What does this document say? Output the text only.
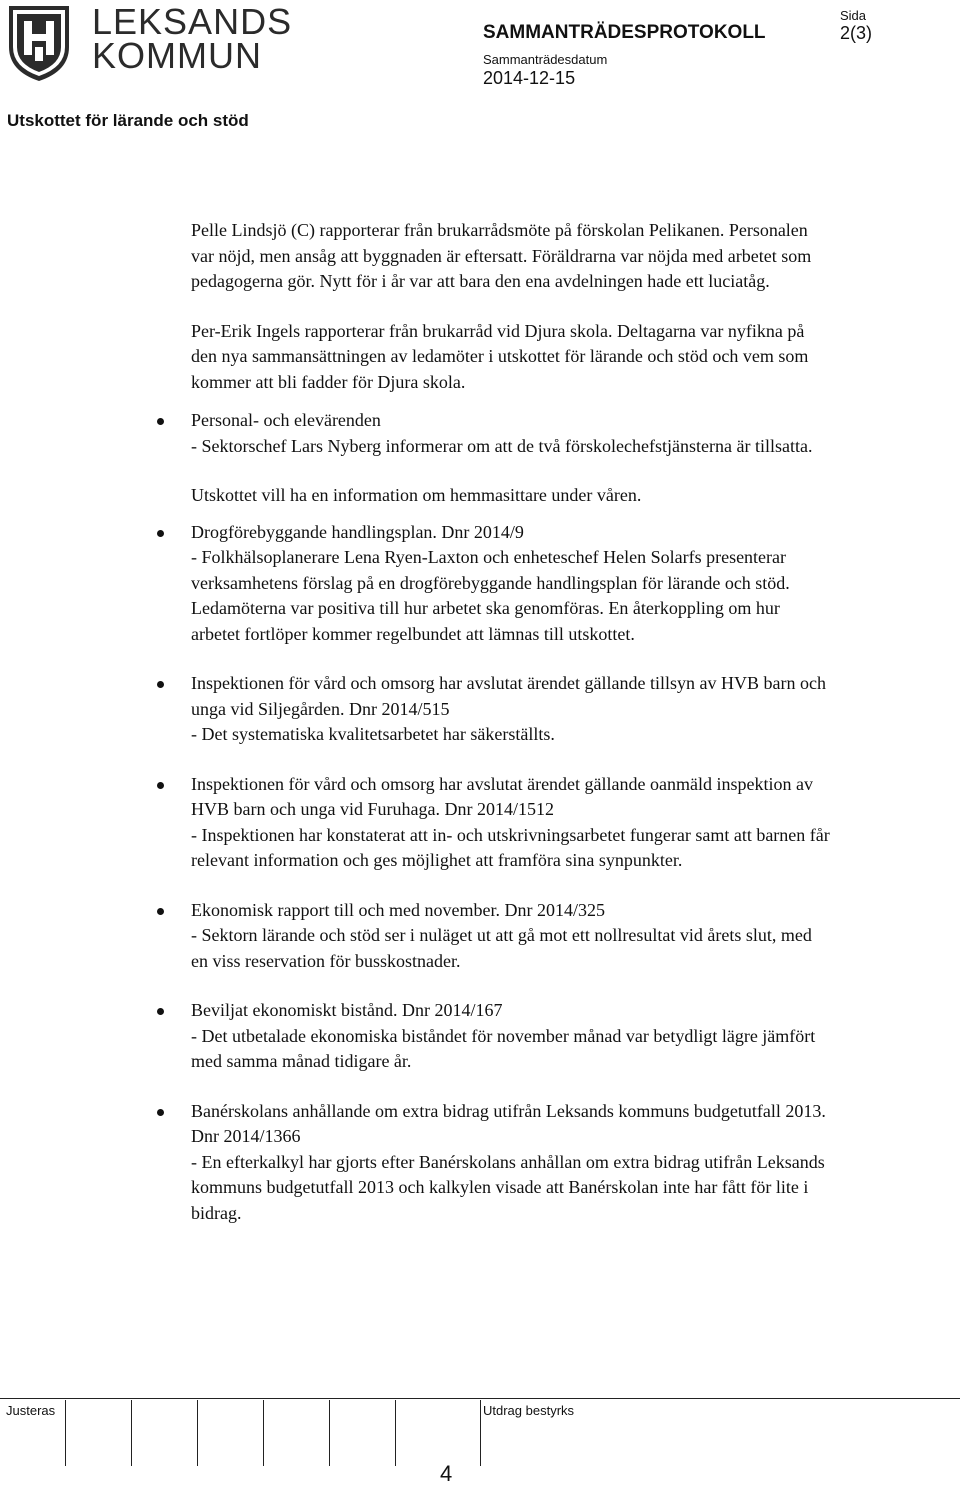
LEKSANDS
KOMMUN
SAMMANTRÄDESPROTOKOLL
Sammanträdesdatum
2014-12-15
Sida
2(3)
Utskottet för lärande och stöd

Pelle Lindsjö (C) rapporterar från brukarrådsmöte på förskolan Pelikanen. Personalen var nöjd, men ansåg att byggnaden är eftersatt. Föräldrarna var nöjda med arbetet som pedagogerna gör. Nytt för i år var att bara den ena avdelningen hade ett luciatåg.

Per-Erik Ingels rapporterar från brukarråd vid Djura skola. Deltagarna var nyfikna på den nya sammansättningen av ledamöter i utskottet för lärande och stöd och vem som kommer att bli fadder för Djura skola.

Personal- och elevärenden

- Sektorschef Lars Nyberg informerar om att de två förskolechefstjänsterna är tillsatta.

Utskottet vill ha en information om hemmasittare under våren.

Drogförebyggande handlingsplan. Dnr 2014/9

- Folkhälsoplanerare Lena Ryen-Laxton och enheteschef Helen Solarfs presenterar verksamhetens förslag på en drogförebyggande handlingsplan för lärande och stöd. Ledamöterna var positiva till hur arbetet ska genomföras. En återkoppling om hur arbetet fortlöper kommer regelbundet att lämnas till utskottet.

Inspektionen för vård och omsorg har avslutat ärendet gällande tillsyn av HVB barn och unga vid Siljegården. Dnr 2014/515

- Det systematiska kvalitetsarbetet har säkerställts.

Inspektionen för vård och omsorg har avslutat ärendet gällande oanmäld inspektion av HVB barn och unga vid Furuhaga. Dnr 2014/1512

- Inspektionen har konstaterat att in- och utskrivningsarbetet fungerar samt att barnen får relevant information och ges möjlighet att framföra sina synpunkter.

Ekonomisk rapport till och med november. Dnr 2014/325

- Sektorn lärande och stöd ser i nuläget ut att gå mot ett nollresultat vid årets slut, med en viss reservation för busskostnader.

Beviljat ekonomiskt bistånd. Dnr 2014/167

- Det utbetalade ekonomiska biståndet för november månad var betydligt lägre jämfört med samma månad tidigare år.

Banérskolans anhållande om extra bidrag utifrån Leksands kommuns budgetutfall 2013. Dnr 2014/1366

- En efterkalkyl har gjorts efter Banérskolans anhållan om extra bidrag utifrån Leksands kommuns budgetutfall 2013 och kalkylen visade att Banérskolan inte har fått för lite i bidrag.

Justeras	Utdrag bestyrks
4
